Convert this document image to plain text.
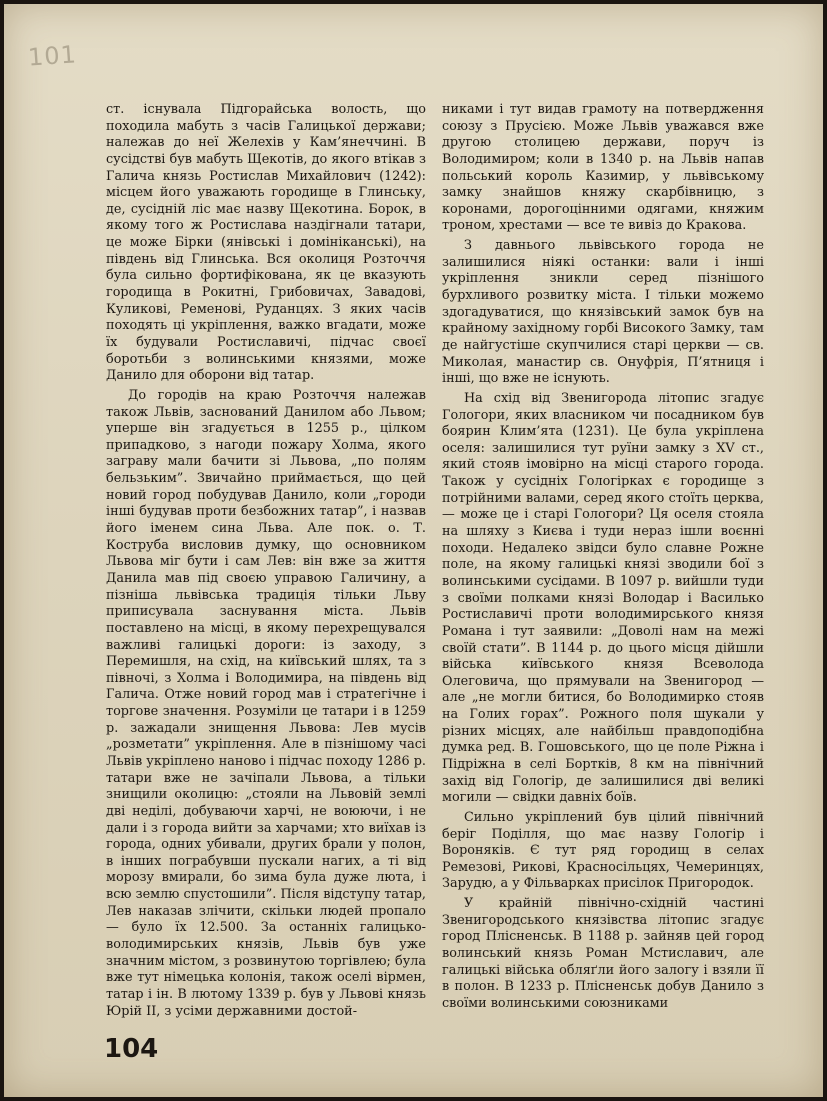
101

ст. існувала Підгорайська волость, що походила мабуть з часів Галицької держави; належав до неї Желехів у Кам’янеччині. В сусідстві був мабуть Щекотів, до якого втікав з Галича князь Ростислав Михайлович (1242): місцем його уважають городище в Глинську, де, сусідній ліс має назву Щекотина. Борок, в якому того ж Ростислава наздігнали татари, це може Бірки (янівські і домініканські), на південь від Глинська. Вся околиця Розточчя була сильно фортифікована, як це вказують городища в Рокитні, Грибовичах, Завадові, Куликові, Ременові, Руданцях. З яких часів походять ці укріплення, важко вгадати, може їх будували Ростиславичі, підчас своєї боротьби з волинськими князями, може Данило для оборони від татар.

До городів на краю Розточчя належав також Львів, заснований Данилом або Львом; уперше він згадується в 1255 р., цілком припадково, з нагоди пожару Холма, якого заграву мали бачити зі Львова, „по полям бельзьким”. Звичайно приймається, що цей новий город побудував Данило, коли „городи інші будував проти безбожних татар”, і назвав його іменем сина Льва. Але пок. о. Т. Коструба висловив думку, що основником Львова міг бути і сам Лев: він вже за життя Данила мав під своєю управою Галичину, а пізніша львівська традиція тільки Льву приписувала заснування міста. Львів поставлено на місці, в якому перехрещувался важливі галицькі дороги: із заходу, з Перемишля, на схід, на київський шлях, та з півночі, з Холма і Володимира, на південь від Галича. Отже новий город мав і стратегічне і торгове значення. Розуміли це татари і в 1259 р. зажадали знищення Львова: Лев мусів „розметати” укріплення. Але в пізнішому часі Львів укріплено наново і підчас походу 1286 р. татари вже не зачіпали Львова, а тільки знищили околицю: „стояли на Львовій землі дві неділі, добуваючи харчі, не воюючи, і не дали і з города вийти за харчами; хто виїхав із города, одних убивали, других брали у полон, в інших пограбувши пускали нагих, а ті від морозу вмирали, бо зима була дуже люта, і всю землю спустошили”. Після відступу татар, Лев наказав злічити, скільки людей пропало — було їх 12.500. За останніх галицько-володимирських князів, Львів був уже значним містом, з розвинутою торгівлею; була вже тут німецька колонія, також оселі вірмен, татар і ін. В лютому 1339 р. був у Львові князь Юрій II, з усіми державними достой-

никами і тут видав грамоту на потвердження союзу з Прусією. Може Львів уважався вже другою столицею держави, поруч із Володимиром; коли в 1340 р. на Львів напав польський король Казимир, у львівському замку знайшов княжу скарбівницю, з коронами, дорогоцінними одягами, княжим троном, хрестами — все те вивіз до Кракова.

З давнього львівського города не залишилися ніякі останки: вали і інші укріплення зникли серед пізнішого бурхливого розвитку міста. І тільки можемо здогадуватися, що князівський замок був на крайному західному горбі Високого Замку, там де найгустіше скупчилися старі церкви — св. Миколая, манастир св. Онуфрія, П’ятниця і інші, що вже не існують.

На схід від Звенигорода літопис згадує Гологори, яких власником чи посадником був боярин Клим’ята (1231). Це була укріплена оселя: залишилися тут руїни замку з XV ст., який стояв імовірно на місці старого города. Також у сусідніх Гологірках є городище з потрійними валами, серед якого стоїть церква, — може це і старі Гологори? Ця оселя стояла на шляху з Києва і туди нераз ішли воєнні походи. Недалеко звідси було славне Рожне поле, на якому галицькі князі зводили бої з волинськими сусідами. В 1097 р. вийшли туди з своїми полками князі Володар і Василько Ростиславичі проти володимирського князя Романа і тут заявили: „Доволі нам на межі своїй стати”. В 1144 р. до цього місця дійшли війська київського князя Всеволода Олеговича, що прямували на Звенигород — але „не могли битися, бо Володимирко стояв на Голих горах”. Рожного поля шукали у різних місцях, але найбільш правдоподібна думка ред. В. Гошовського, що це поле Ріжна і Підріжна в селі Бортків, 8 км на північний захід від Гологір, де залишилися дві великі могили — свідки давніх боїв.

Сильно укріплений був цілий північний беріг Поділля, що має назву Гологір і Вороняків. Є тут ряд городищ в селах Ремезові, Рикові, Красносільцях, Чемеринцях, Зарудю, а у Фільварках присілок Пригородок.

У крайній північно-східній частині Звенигородського князівства літопис згадує город Плісненськ. В 1188 р. зайняв цей город волинський князь Роман Мстиславич, але галицькі війська обляґли його залогу і взяли її в полон. В 1233 р. Плісненськ добув Данило з своїми волинськими союзниками

104
